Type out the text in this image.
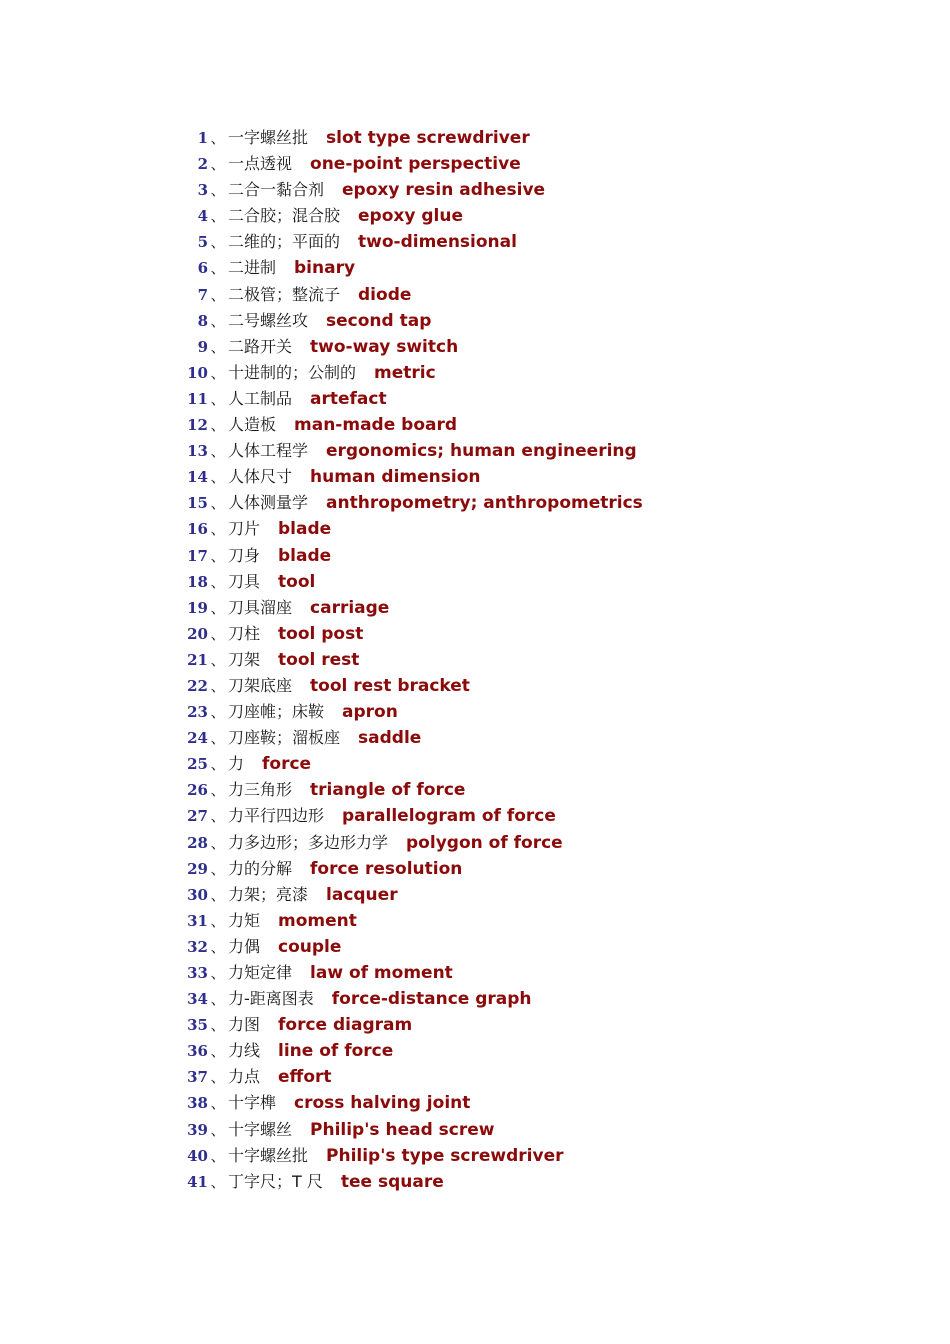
1 、 一字螺丝批 slot type screwdriver
2 、 一点透视 one-point perspective
3 、 二合一黏合剂 epoxy resin adhesive
4 、 二合胶；混合胶 epoxy glue
5 、 二维的；平面的 two-dimensional
6 、 二进制 binary
7 、 二极管；整流子 diode
8 、 二号螺丝攻 second tap
9 、 二路开关 two-way switch
10 、 十进制的；公制的 metric
11 、 人工制品 artefact
12 、 人造板 man-made board
13 、 人体工程学 ergonomics; human engineering
14 、 人体尺寸 human dimension
15 、 人体测量学 anthropometry; anthropometrics
16 、 刀片 blade
17 、 刀身 blade
18 、 刀具 tool
19 、 刀具溜座 carriage
20 、 刀柱 tool post
21 、 刀架 tool rest
22 、 刀架底座 tool rest bracket
23 、 刀座帷；床鞍 apron
24 、 刀座鞍；溜板座 saddle
25 、 力 force
26 、 力三角形 triangle of force
27 、 力平行四边形 parallelogram of force
28 、 力多边形；多边形力学 polygon of force
29 、 力的分解 force resolution
30 、 力架；亮漆 lacquer
31 、 力矩 moment
32 、 力偶 couple
33 、 力矩定律 law of moment
34 、 力-距离图表 force-distance graph
35 、 力图 force diagram
36 、 力线 line of force
37 、 力点 effort
38 、 十字榫 cross halving joint
39 、 十字螺丝 Philip's head screw
40 、 十字螺丝批 Philip's type screwdriver
41 、 丁字尺；T 尺 tee square
